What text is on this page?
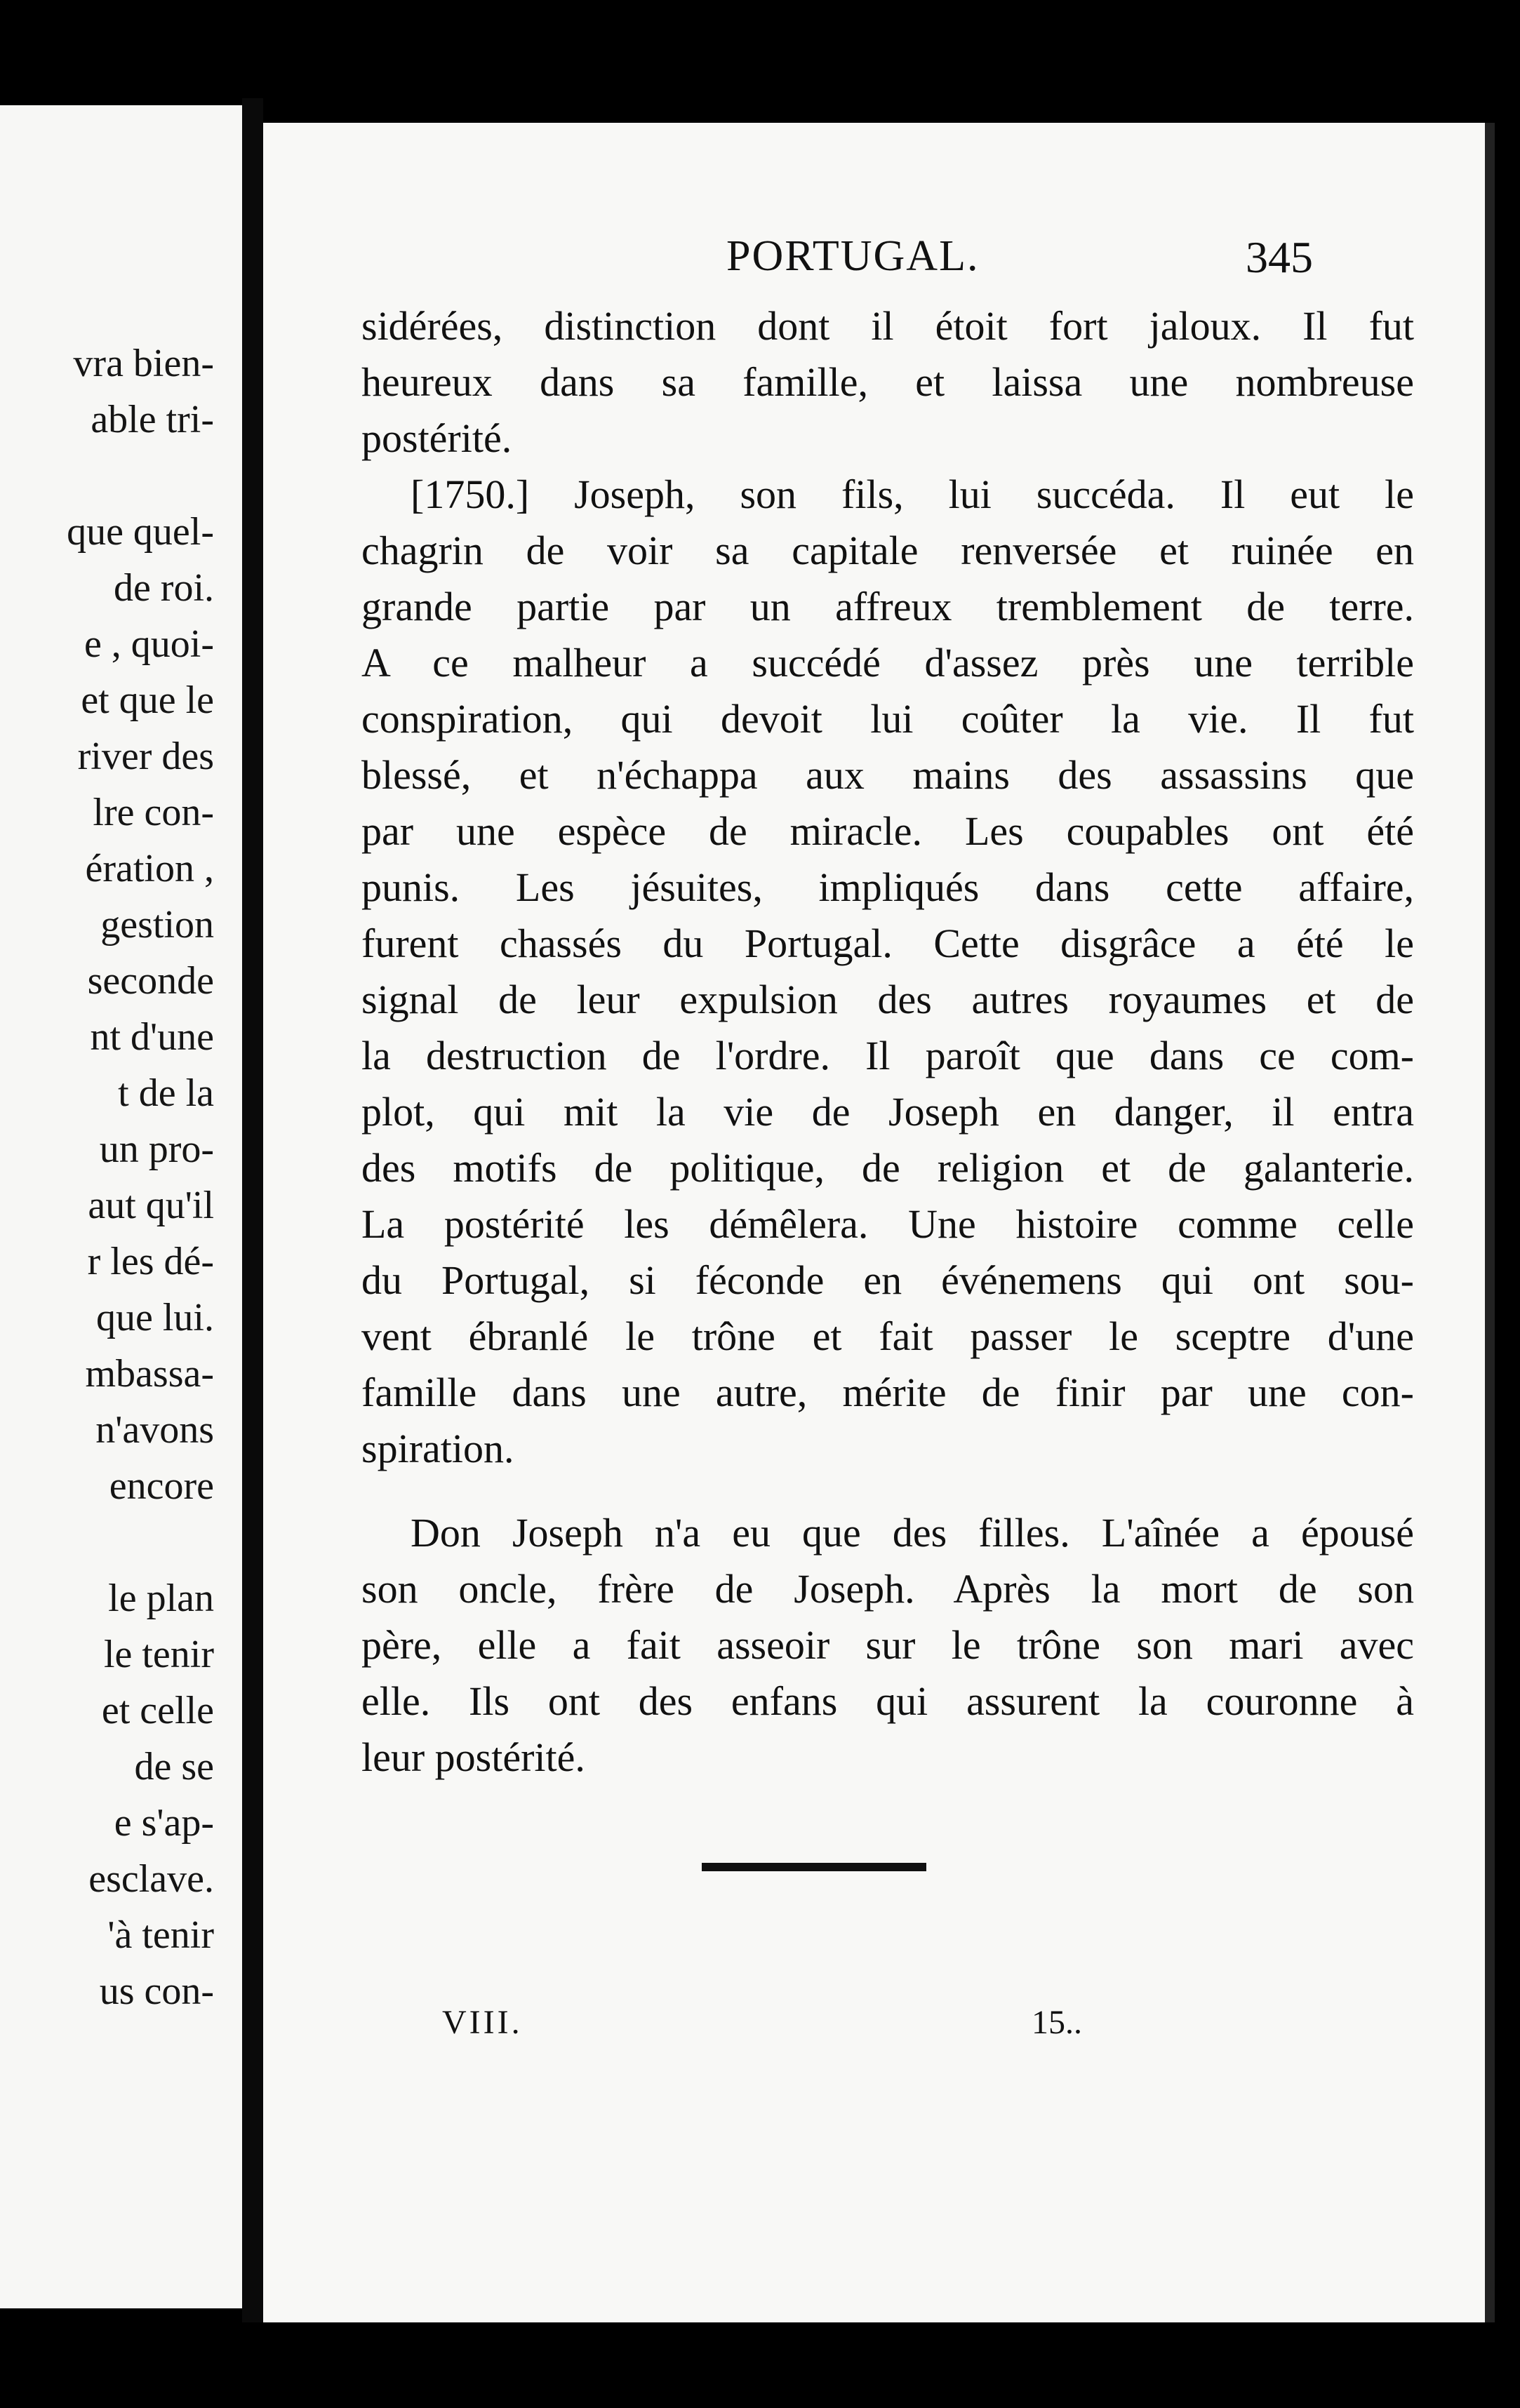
vra bien-
able tri-
que quel-
de roi.
e , quoi-
et que le
river des
lre con-
ération ,
gestion
seconde
nt d'une
t de la
un pro-
aut qu'il
r les dé-
que lui.
mbassa-
n'avons
encore
le plan
le tenir
et celle
de se
e s'ap-
esclave.
'à tenir
us con-
PORTUGAL.	345
sidérées, distinction dont il étoit fort jaloux. Il fut
heureux dans sa famille, et laissa une nombreuse
postérité.
[1750.] Joseph, son fils, lui succéda. Il eut le
chagrin de voir sa capitale renversée et ruinée en
grande partie par un affreux tremblement de terre.
A ce malheur a succédé d'assez près une terrible
conspiration, qui devoit lui coûter la vie. Il fut
blessé, et n'échappa aux mains des assassins que
par une espèce de miracle. Les coupables ont été
punis. Les jésuites, impliqués dans cette affaire,
furent chassés du Portugal. Cette disgrâce a été le
signal de leur expulsion des autres royaumes et de
la destruction de l'ordre. Il paroît que dans ce com-
plot, qui mit la vie de Joseph en danger, il entra
des motifs de politique, de religion et de galanterie.
La postérité les démêlera. Une histoire comme celle
du Portugal, si féconde en événemens qui ont sou-
vent ébranlé le trône et fait passer le sceptre d'une
famille dans une autre, mérite de finir par une con-
spiration.
Don Joseph n'a eu que des filles. L'aînée a épousé
son oncle, frère de Joseph. Après la mort de son
père, elle a fait asseoir sur le trône son mari avec
elle. Ils ont des enfans qui assurent la couronne à
leur postérité.
VIII.	15..
